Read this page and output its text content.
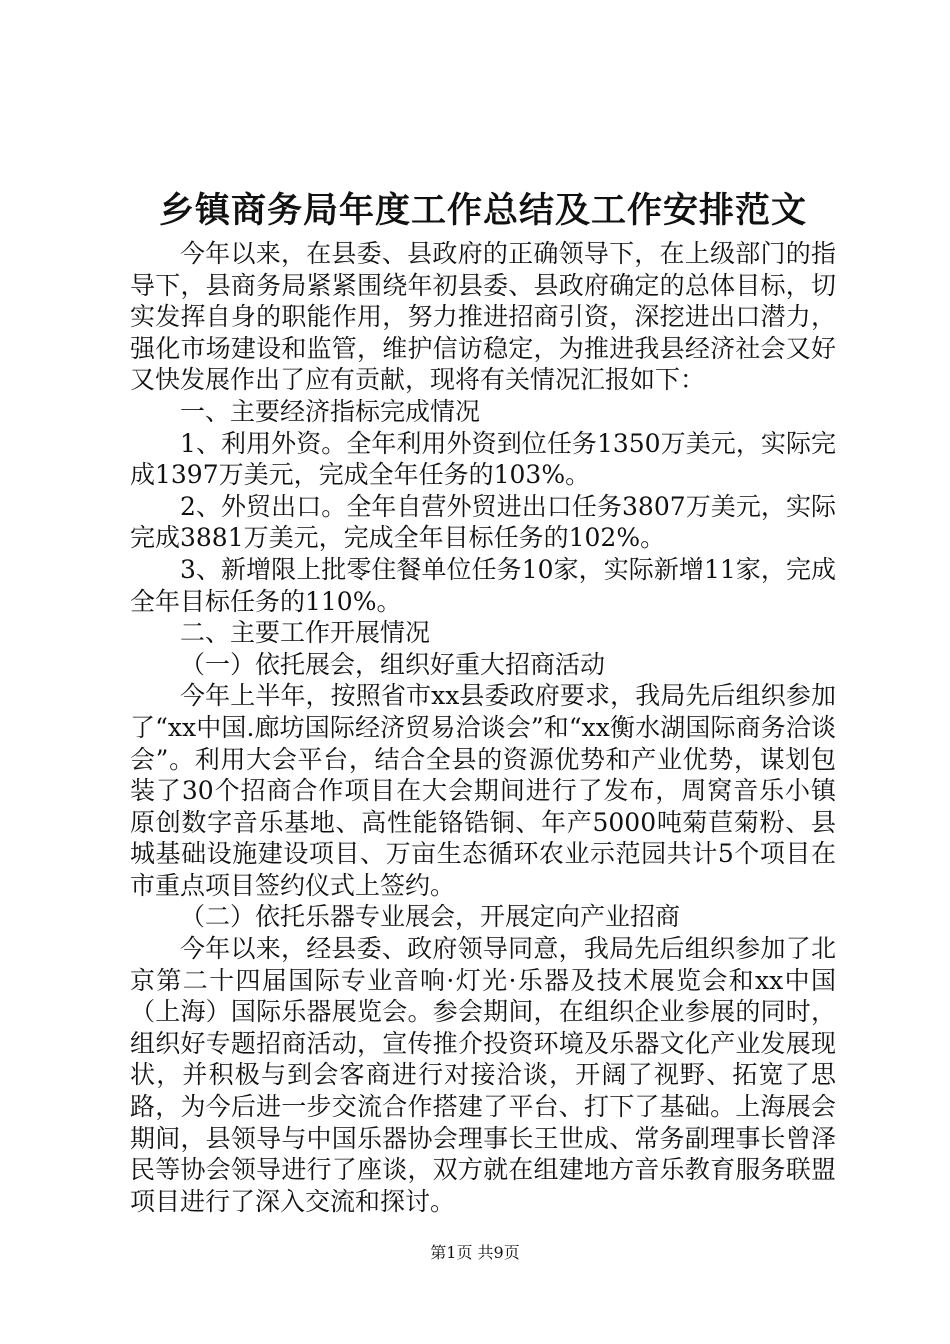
乡镇商务局年度工作总结及工作安排范文

今年以来，在县委、县政府的正确领导下，在上级部门的指导下，县商务局紧紧围绕年初县委、县政府确定的总体目标，切实发挥自身的职能作用，努力推进招商引资，深挖进出口潜力，强化市场建设和监管，维护信访稳定，为推进我县经济社会又好又快发展作出了应有贡献，现将有关情况汇报如下：

一、主要经济指标完成情况

1、利用外资。全年利用外资到位任务1350万美元，实际完成1397万美元，完成全年任务的103%。

2、外贸出口。全年自营外贸进出口任务3807万美元，实际完成3881万美元，完成全年目标任务的102%。

3、新增限上批零住餐单位任务10家，实际新增11家，完成全年目标任务的110%。

二、主要工作开展情况

（一）依托展会，组织好重大招商活动

今年上半年，按照省市xx县委政府要求，我局先后组织参加了“xx中国.廊坊国际经济贸易洽谈会”和“xx衡水湖国际商务洽谈会”。利用大会平台，结合全县的资源优势和产业优势，谋划包装了30个招商合作项目在大会期间进行了发布，周窝音乐小镇原创数字音乐基地、高性能铬锆铜、年产5000吨菊苣菊粉、县城基础设施建设项目、万亩生态循环农业示范园共计5个项目在市重点项目签约仪式上签约。

（二）依托乐器专业展会，开展定向产业招商

今年以来，经县委、政府领导同意，我局先后组织参加了北京第二十四届国际专业音响·灯光·乐器及技术展览会和xx中国（上海）国际乐器展览会。参会期间，在组织企业参展的同时，组织好专题招商活动，宣传推介投资环境及乐器文化产业发展现状，并积极与到会客商进行对接洽谈，开阔了视野、拓宽了思路，为今后进一步交流合作搭建了平台、打下了基础。上海展会期间，县领导与中国乐器协会理事长王世成、常务副理事长曾泽民等协会领导进行了座谈，双方就在组建地方音乐教育服务联盟项目进行了深入交流和探讨。

第1页 共9页
